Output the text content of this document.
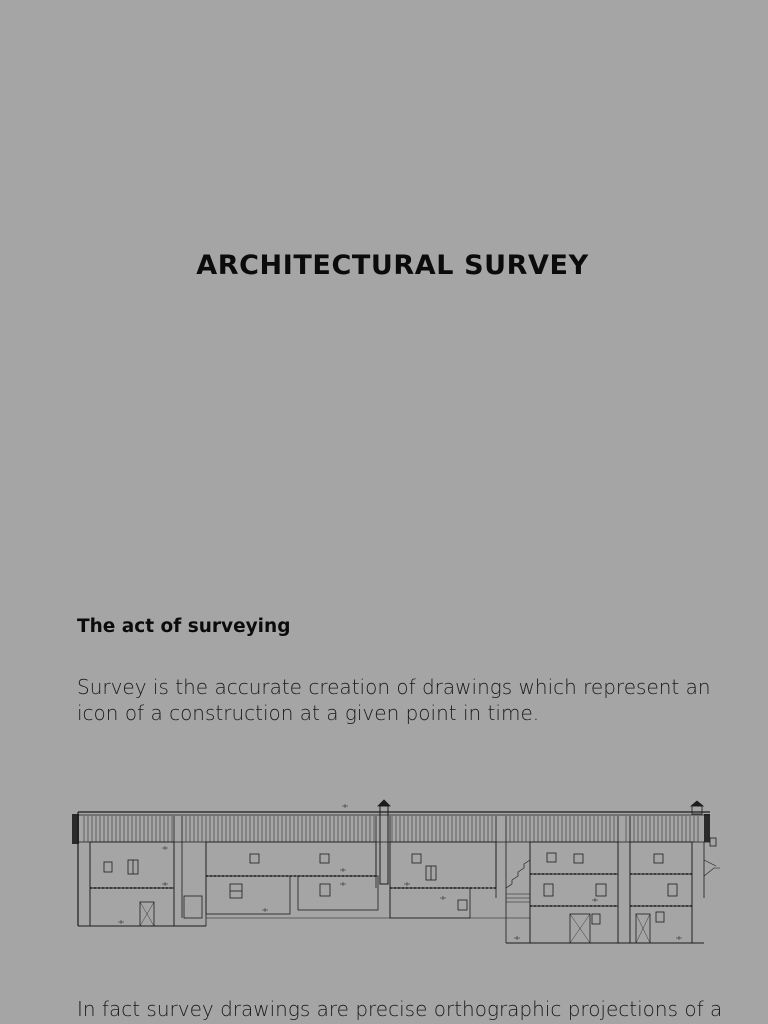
ARCHITECTURAL SURVEY
The act of surveying
Survey is the accurate creation of drawings which represent an icon of a construction at a given point in time.
In fact survey drawings are precise orthographic projections of a
